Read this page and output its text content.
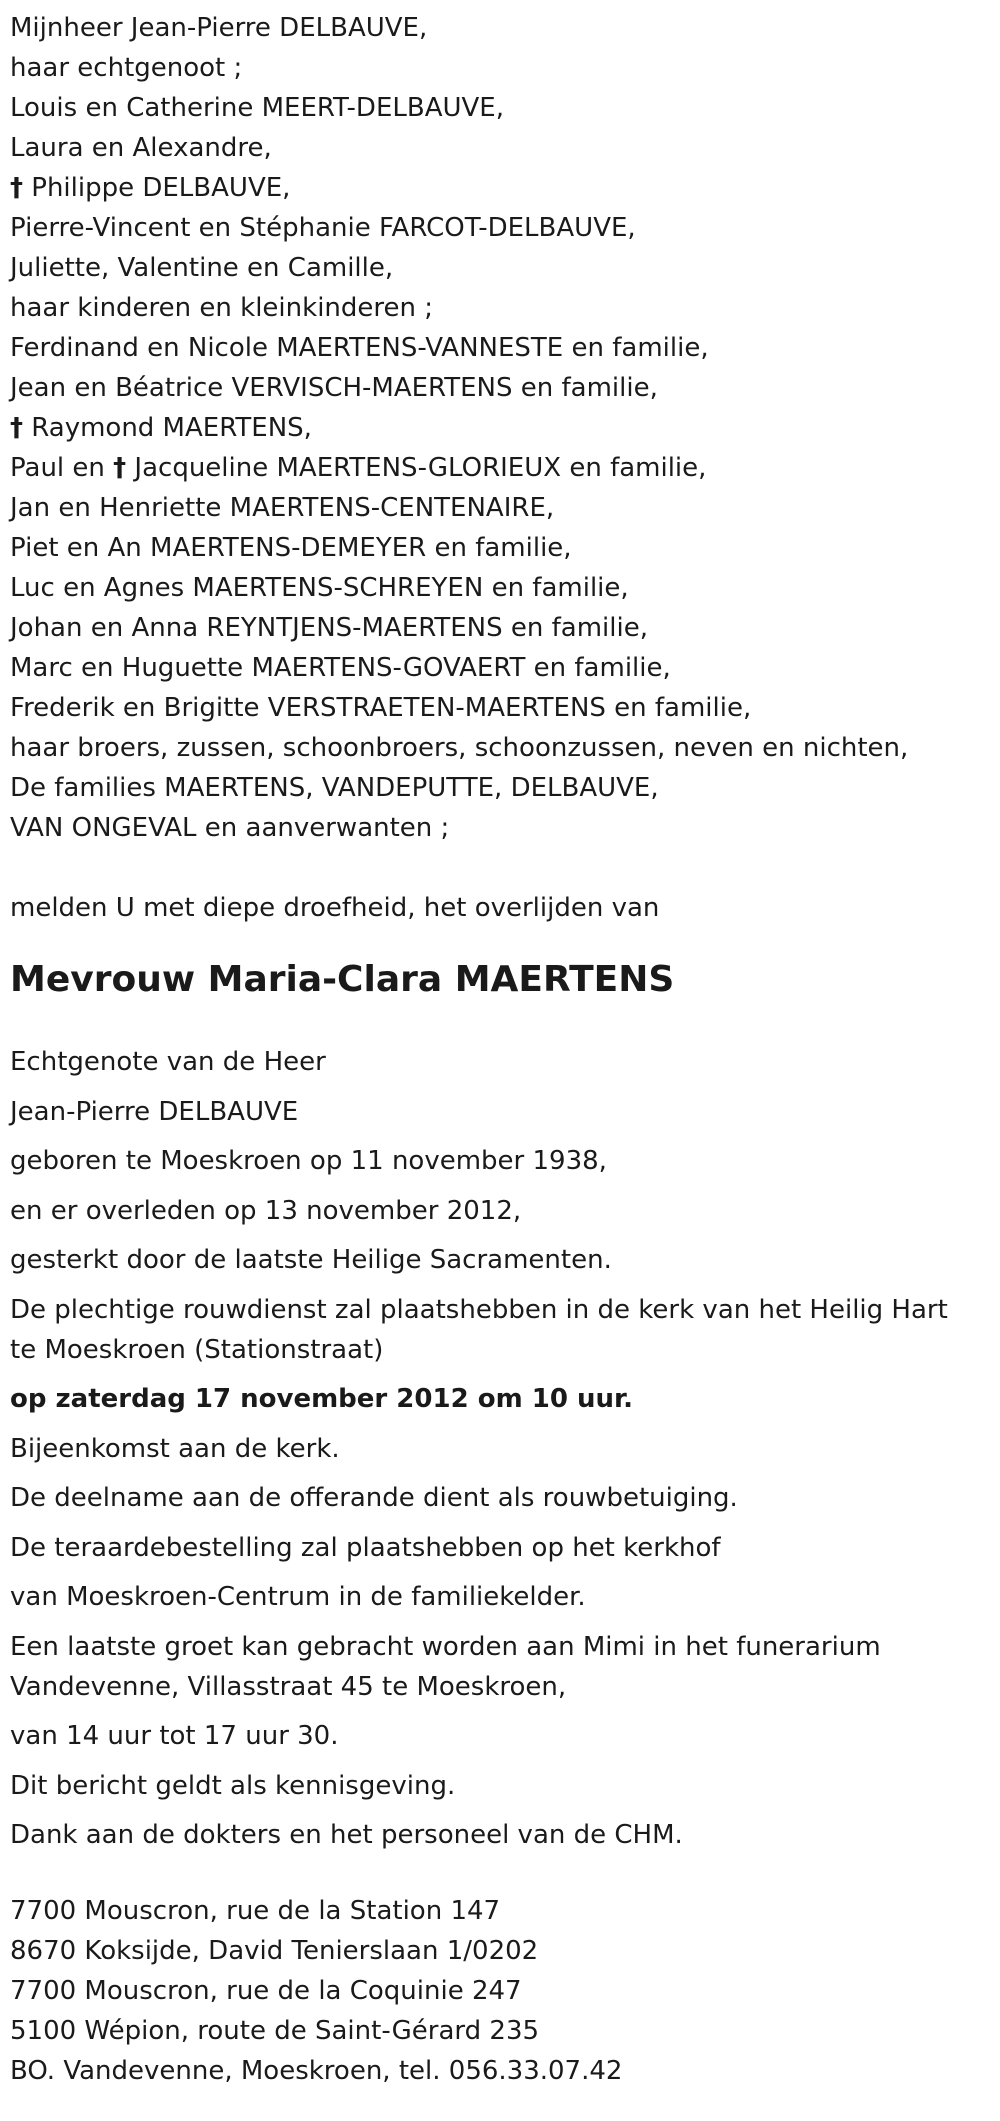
Mijnheer Jean-Pierre DELBAUVE,
haar echtgenoot ;
Louis en Catherine MEERT-DELBAUVE,
Laura en Alexandre,
† Philippe DELBAUVE,
Pierre-Vincent en Stéphanie FARCOT-DELBAUVE,
Juliette, Valentine en Camille,
haar kinderen en kleinkinderen ;
Ferdinand en Nicole MAERTENS-VANNESTE en familie,
Jean en Béatrice VERVISCH-MAERTENS en familie,
† Raymond MAERTENS,
Paul en † Jacqueline MAERTENS-GLORIEUX en familie,
Jan en Henriette MAERTENS-CENTENAIRE,
Piet en An MAERTENS-DEMEYER en familie,
Luc en Agnes MAERTENS-SCHREYEN en familie,
Johan en Anna REYNTJENS-MAERTENS en familie,
Marc en Huguette MAERTENS-GOVAERT en familie,
Frederik en Brigitte VERSTRAETEN-MAERTENS en familie,
haar broers, zussen, schoonbroers, schoonzussen, neven en nichten,
De families MAERTENS, VANDEPUTTE, DELBAUVE,
VAN ONGEVAL en aanverwanten ;
melden U met diepe droefheid, het overlijden van
Mevrouw Maria-Clara MAERTENS
Echtgenote van de Heer
Jean-Pierre DELBAUVE
geboren te Moeskroen op 11 november 1938,
en er overleden op 13 november 2012,
gesterkt door de laatste Heilige Sacramenten.
De plechtige rouwdienst zal plaatshebben in de kerk van het Heilig Hart
te Moeskroen (Stationstraat)
op zaterdag 17 november 2012 om 10 uur.
Bijeenkomst aan de kerk.
De deelname aan de offerande dient als rouwbetuiging.
De teraardebestelling zal plaatshebben op het kerkhof
van Moeskroen-Centrum in de familiekelder.
Een laatste groet kan gebracht worden aan Mimi in het funerarium
Vandevenne, Villasstraat 45 te Moeskroen,
van 14 uur tot 17 uur 30.
Dit bericht geldt als kennisgeving.
Dank aan de dokters en het personeel van de CHM.
7700 Mouscron, rue de la Station 147
8670 Koksijde, David Tenierslaan 1/0202
7700 Mouscron, rue de la Coquinie 247
5100 Wépion, route de Saint-Gérard 235
BO. Vandevenne, Moeskroen, tel. 056.33.07.42
